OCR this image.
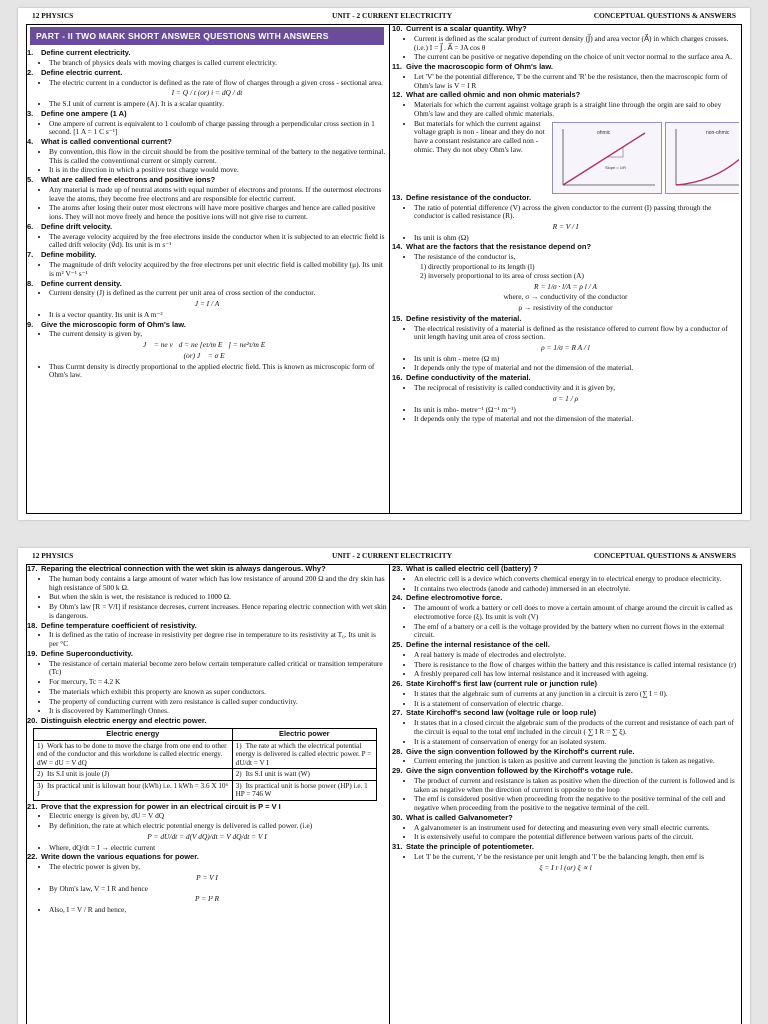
12 PHYSICS	UNIT - 2 CURRENT ELECTRICITY	CONCEPTUAL QUESTIONS & ANSWERS
PART - II TWO MARK SHORT ANSWER QUESTIONS WITH ANSWERS
1. Define current electricity.
• The branch of physics deals with moving charges is called current electricity.
2. Define electric current.
• The electric current in a conductor is defined as the rate of flow of charges through a given cross - sectional area.
I = Q / t (or) i = dQ / dt
• The S.I unit of current is ampere (A). It is a scalar quantity.
3. Define one ampere (1 A)
• One ampere of current is equivalent to 1 coulomb of charge passing through a perpendicular cross section in 1 second. [1 A = 1 C s⁻¹]
4. What is called conventional current?
• By convention, this flow in the circuit should be from the positive terminal of the battery to the negative terminal. This is called the conventional current or simply current.
• It is in the direction in which a positive test charge would move.
5. What are called free electrons and positive ions?
• Any material is made up of neutral atoms with equal number of electrons and protons. If the outermost electrons leave the atoms, they become free electrons and are responsible for electric current.
• The atoms after losing their outer most electrons will have more positive charges and hence are called positive ions. They will not move freely and hence the positive ions will not give rise to current.
6. Define drift velocity.
• The average velocity acquired by the free electrons inside the conductor when it is subjected to an electric field is called drift velocity (v⃗d). Its unit is m s⁻¹
7. Define mobility.
• The magnitude of drift velocity acquired by the free electrons per unit electric field is called mobility (μ). Its unit is m² V⁻¹ s⁻¹
8. Define current density.
• Current density (J) is defined as the current per unit area of cross section of the conductor.
J = I / A
• It is a vector quantity. Its unit is A m⁻²
9. Give the microscopic form of Ohm's law.
• The current density is given by,
J⃗ = ne v⃗d = ne [eτ/m E⃗] = ne²τ/m E⃗
(or) J⃗ = σ E⃗
• Thus Currnt density is directly proportional to the applied electric field. This is known as microscopic form of Ohm's law.
10. Current is a scalar quantity. Why?
• Current is defined as the scalar product of current density (J⃗) and area vector (A⃗) in which charges crosses. (i.e.) I = J⃗ . A⃗ = JA cos θ
• The current can be positive or negative depending on the choice of unit vector normal to the surface area A.
11. Give the macroscopic form of Ohm's law.
• Let 'V' be the potential difference, 'I' be the current and 'R' be the resistance, then the macroscopic form of Ohm's law is V = I R
12. What are called ohmic and non ohmic materials?
• Materials for which the current against voltage graph is a straight line through the orgin are said to obey Ohm's law and they are called ohmic materials.
• But materials for which the current against voltage graph is non - linear and they do not have a constant resistance are called non - ohmic. They do not obey Ohm's law.
ohmic
Slope = 1/R
non-ohmic
13. Define resistance of the conductor.
• The ratio of potential difference (V) across the given conductor to the current (I) passing through the conductor is called resistance (R).
R = V / I
• Its unit is ohm (Ω)
14. What are the factors that the resistance depend on?
• The resistance of the conductor is,
1) directly proportional to its length (l)
2) inversely proportional to its area of cross section (A)
R = 1/σ · l/A = ρ l / A
where, σ → conductivity of the conductor
ρ → resistivity of the conductor
15. Define resistivity of the material.
• The electrical resistivity of a material is defined as the resistance offered to current flow by a conductor of unit length having unit area of cross section.
ρ = 1/σ = R A / l
• Its unit is ohm - metre (Ω m)
• It depends only the type of material and not the dimension of the material.
16. Define conductivity of the material.
• The reciprocal of resistivity is called conductivity and it is given by,
σ = 1 / ρ
• Its unit is mho- metre⁻¹ (Ω⁻¹ m⁻¹)
• It depends only the type of material and not the dimension of the material.
12 PHYSICS	UNIT - 2 CURRENT ELECTRICITY	CONCEPTUAL QUESTIONS & ANSWERS
17. Reparing the electrical connection with the wet skin is always dangerous. Why?
• The human body contains a large amount of water which has low resistance of around 200 Ω and the dry skin has high resistance of 500 k Ω.
• But when the skin is wet, the resistance is reduced to 1000 Ω.
• By Ohm's law [R = V/I] if resistance decreses, current increases. Hence reparing electric connection with wet skin is dangerous.
18. Define temperature coefficient of resistivity.
• It is defined as the ratio of increase in resistivity per degree rise in temperature to its resistivity at T₀. Its unit is per °C
19. Define Superconductivity.
• The resistance of certain material become zero below certain temperature called critical or transition temperature (Tc)
• For mercury, Tc = 4.2 K
• The materials which exhibit this property are known as super conductors.
• The property of conducting current with zero resistance is called super conductivity.
• It is discovered by Kammerlingh Onnes.
20. Distinguish electric energy and electric power.
Electric energy	Electric power
1) Work has to be done to move the charge from one end to other end of the conductor and this workdone is called electric energy. dW = dU = V dQ	1) The rate at which the electrical potential energy is delivered is called electric power. P = dU/dt = V I
2) Its S.I unit is joule (J)	2) Its S.I unit is watt (W)
3) Its practical unit is kilowatt hour (kWh) i.e. 1 kWh = 3.6 X 10⁶ J	3) Its practical unit is horse power (HP) i.e. 1 HP = 746 W
21. Prove that the expression for power in an electrical circuit is P = V I
• Electric energy is given by, dU = V dQ
• By definition, the rate at which electric potential energy is delivered is called power. (i.e)
P = dU/dt = d(V dQ)/dt = V dQ/dt = V I
• Where, dQ/dt = I → electric current
22. Write down the various equations for power.
• The electric power is given by,
P = V I
• By Ohm's law, V = I R and hence
P = I² R
• Also, I = V / R and hence,
23. What is called electric cell (battery) ?
• An electric cell is a device which converts chemical energy in to electrical energy to produce electricity.
• It contains two electrods (anode and cathode) immersed in an electrolyte.
24. Define electromotive force.
• The amount of work a battery or cell does to move a certain amount of charge around the circuit is called as electromotive force (ξ). Its unit is volt (V)
• The emf of a battery or a cell is the voltage provided by the battery when no current flows in the external circuit.
25. Define the internal resistance of the cell.
• A real battery is made of electrodes and electrolyte.
• There is resistance to the flow of charges within the battery and this resistance is called internal resistance (r)
• A freshly prepared cell has low internal resistance and it increased with ageing.
26. State Kirchoff's first law (current rule or junction rule)
• It states that the algebraic sum of currents at any junction in a circuit is zero (∑ I = 0).
• It is a statement of conservation of electric charge.
27. State Kirchoff's second law (voltage rule or loop rule)
• It states that in a closed circuit the algebraic sum of the products of the current and resistance of each part of the circuit is equal to the total emf included in the circuit ( ∑ I R = ∑ ξ).
• It is a statement of conservation of energy for an isolated system.
28. Give the sign convention followed by the Kirchoff's current rule.
• Current entering the junction is taken as positive and current leaving the junction is taken as negative.
29. Give the sign convention followed by the Kirchoff's votage rule.
• The product of current and resistance is taken as positive when the direction of the current is followed and is taken as negative when the direction of current is opposite to the loop
• The emf is considered positive when proceeding from the negative to the positive terminal of the cell and negative when proceeding from the positive to the negative terminal of the cell.
30. What is called Galvanometer?
• A galvanometer is an instrument used for detecting and measuring even very small electric currents.
• It is extensively useful to compare the potential difference between various parts of the circuit.
31. State the principle of potentiometer.
• Let 'I' be the current, 'r' be the resistance per unit length and 'l' be the balancing length, then emf is
ξ = I r l (or) ξ ∝ l
